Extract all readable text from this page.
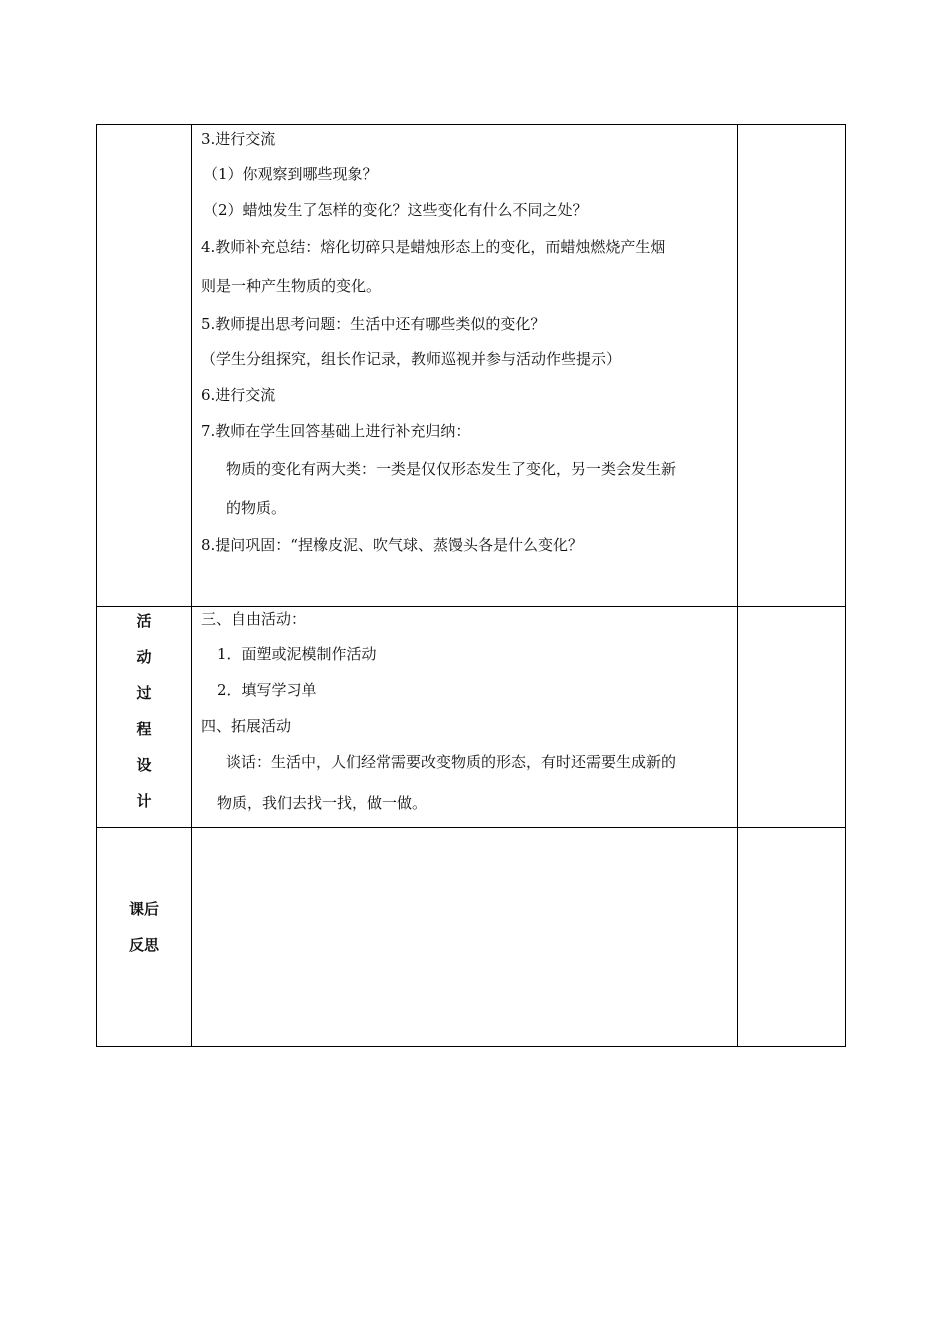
3.进行交流
（1）你观察到哪些现象？
（2）蜡烛发生了怎样的变化？这些变化有什么不同之处？
4.教师补充总结：熔化切碎只是蜡烛形态上的变化，而蜡烛燃烧产生烟
则是一种产生物质的变化。
5.教师提出思考问题：生活中还有哪些类似的变化？
（学生分组探究，组长作记录，教师巡视并参与活动作些提示）
6.进行交流
7.教师在学生回答基础上进行补充归纳：
物质的变化有两大类：一类是仅仅形态发生了变化，另一类会发生新
的物质。
8.提问巩固：“捏橡皮泥、吹气球、蒸馒头各是什么变化？
活
动
过
程
设
计
三、自由活动：
1．面塑或泥模制作活动
2．填写学习单
四、拓展活动
谈话：生活中，人们经常需要改变物质的形态，有时还需要生成新的
物质，我们去找一找，做一做。
课后
反思
